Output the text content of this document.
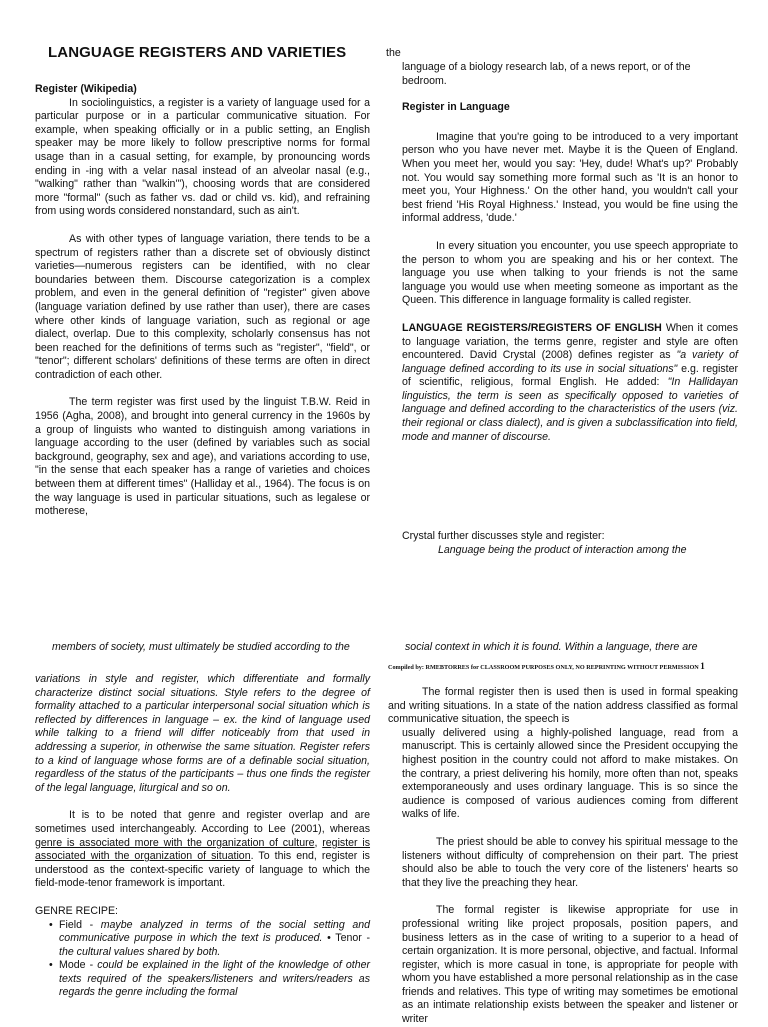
LANGUAGE REGISTERS AND VARIETIES

Register (Wikipedia)

In sociolinguistics, a register is a variety of language used for a particular purpose or in a particular communicative situation. For example, when speaking officially or in a public setting, an English speaker may be more likely to follow prescriptive norms for formal usage than in a casual setting, for example, by pronouncing words ending in -ing with a velar nasal instead of an alveolar nasal (e.g., "walking" rather than "walkin'"), choosing words that are considered more "formal" (such as father vs. dad or child vs. kid), and refraining from using words considered nonstandard, such as ain't.

As with other types of language variation, there tends to be a spectrum of registers rather than a discrete set of obviously distinct varieties—numerous registers can be identified, with no clear boundaries between them. Discourse categorization is a complex problem, and even in the general definition of "register" given above (language variation defined by use rather than user), there are cases where other kinds of language variation, such as regional or age dialect, overlap. Due to this complexity, scholarly consensus has not been reached for the definitions of terms such as "register", "field", or "tenor"; different scholars' definitions of these terms are often in direct contradiction of each other.

The term register was first used by the linguist T.B.W. Reid in 1956 (Agha, 2008), and brought into general currency in the 1960s by a group of linguists who wanted to distinguish among variations in language according to the user (defined by variables such as social background, geography, sex and age), and variations according to use, "in the sense that each speaker has a range of varieties and choices between them at different times" (Halliday et al., 1964). The focus is on the way language is used in particular situations, such as legalese or motherese,

the

language of a biology research lab, of a news report, or of the bedroom.

Register in Language

Imagine that you're going to be introduced to a very important person who you have never met. Maybe it is the Queen of England. When you meet her, would you say: 'Hey, dude! What's up?' Probably not. You would say something more formal such as 'It is an honor to meet you, Your Highness.' On the other hand, you wouldn't call your best friend 'His Royal Highness.' Instead, you would be fine using the informal address, 'dude.'

In every situation you encounter, you use speech appropriate to the person to whom you are speaking and his or her context. The language you use when talking to your friends is not the same language you would use when meeting someone as important as the Queen. This difference in language formality is called register.

LANGUAGE REGISTERS/REGISTERS OF ENGLISH When it comes to language variation, the terms genre, register and style are often encountered. David Crystal (2008) defines register as "a variety of language defined according to its use in social situations" e.g. register of scientific, religious, formal English. He added: "In Hallidayan linguistics, the term is seen as specifically opposed to varieties of language and defined according to the characteristics of the users (viz. their regional or class dialect), and is given a subclassification into field, mode and manner of discourse.

Crystal further discusses style and register:

Language being the product of interaction among the

members of society, must ultimately be studied according to the	social context in which it is found. Within a language, there are
Compiled by: RMEBTORRES for CLASSROOM PURPOSES ONLY, NO REPRINTING WITHOUT PERMISSION 1

variations in style and register, which differentiate and formally characterize distinct social situations. Style refers to the degree of formality attached to a particular interpersonal social situation which is reflected by differences in language – ex. the kind of language used while talking to a friend will differ noticeably from that used in addressing a superior, in otherwise the same situation. Register refers to a kind of language whose forms are of a definable social situation, regardless of the status of the participants – thus one finds the register of the legal language, liturgical and so on.

It is to be noted that genre and register overlap and are sometimes used interchangeably. According to Lee (2001), whereas genre is associated more with the organization of culture, register is associated with the organization of situation. To this end, register is understood as the context-specific variety of language to which the field-mode-tenor framework is important.

GENRE RECIPE:

• Field - maybe analyzed in terms of the social setting and communicative purpose in which the text is produced. • Tenor - the cultural values shared by both.
• Mode - could be explained in the light of the knowledge of other texts required of the speakers/listeners and writers/readers as regards the genre including the formal

The formal register then is used then is used in formal speaking and writing situations. In a state of the nation address classified as formal communicative situation, the speech is

usually delivered using a highly-polished language, read from a manuscript. This is certainly allowed since the President occupying the highest position in the country could not afford to make mistakes. On the contrary, a priest delivering his homily, more often than not, speaks extemporaneously and uses ordinary language. This is so since the audience is composed of various audiences coming from different walks of life.

The priest should be able to convey his spiritual message to the listeners without difficulty of comprehension on their part. The priest should also be able to touch the very core of the listeners' hearts so that they live the preaching they hear.

The formal register is likewise appropriate for use in professional writing like project proposals, position papers, and business letters as in the case of writing to a superior to a head of certain organization. It is more personal, objective, and factual. Informal register, which is more casual in tone, is appropriate for people with whom you have established a more personal relationship as in the case friends and relatives. This type of writing may sometimes be emotional as an intimate relationship exists between the speaker and listener or writer
